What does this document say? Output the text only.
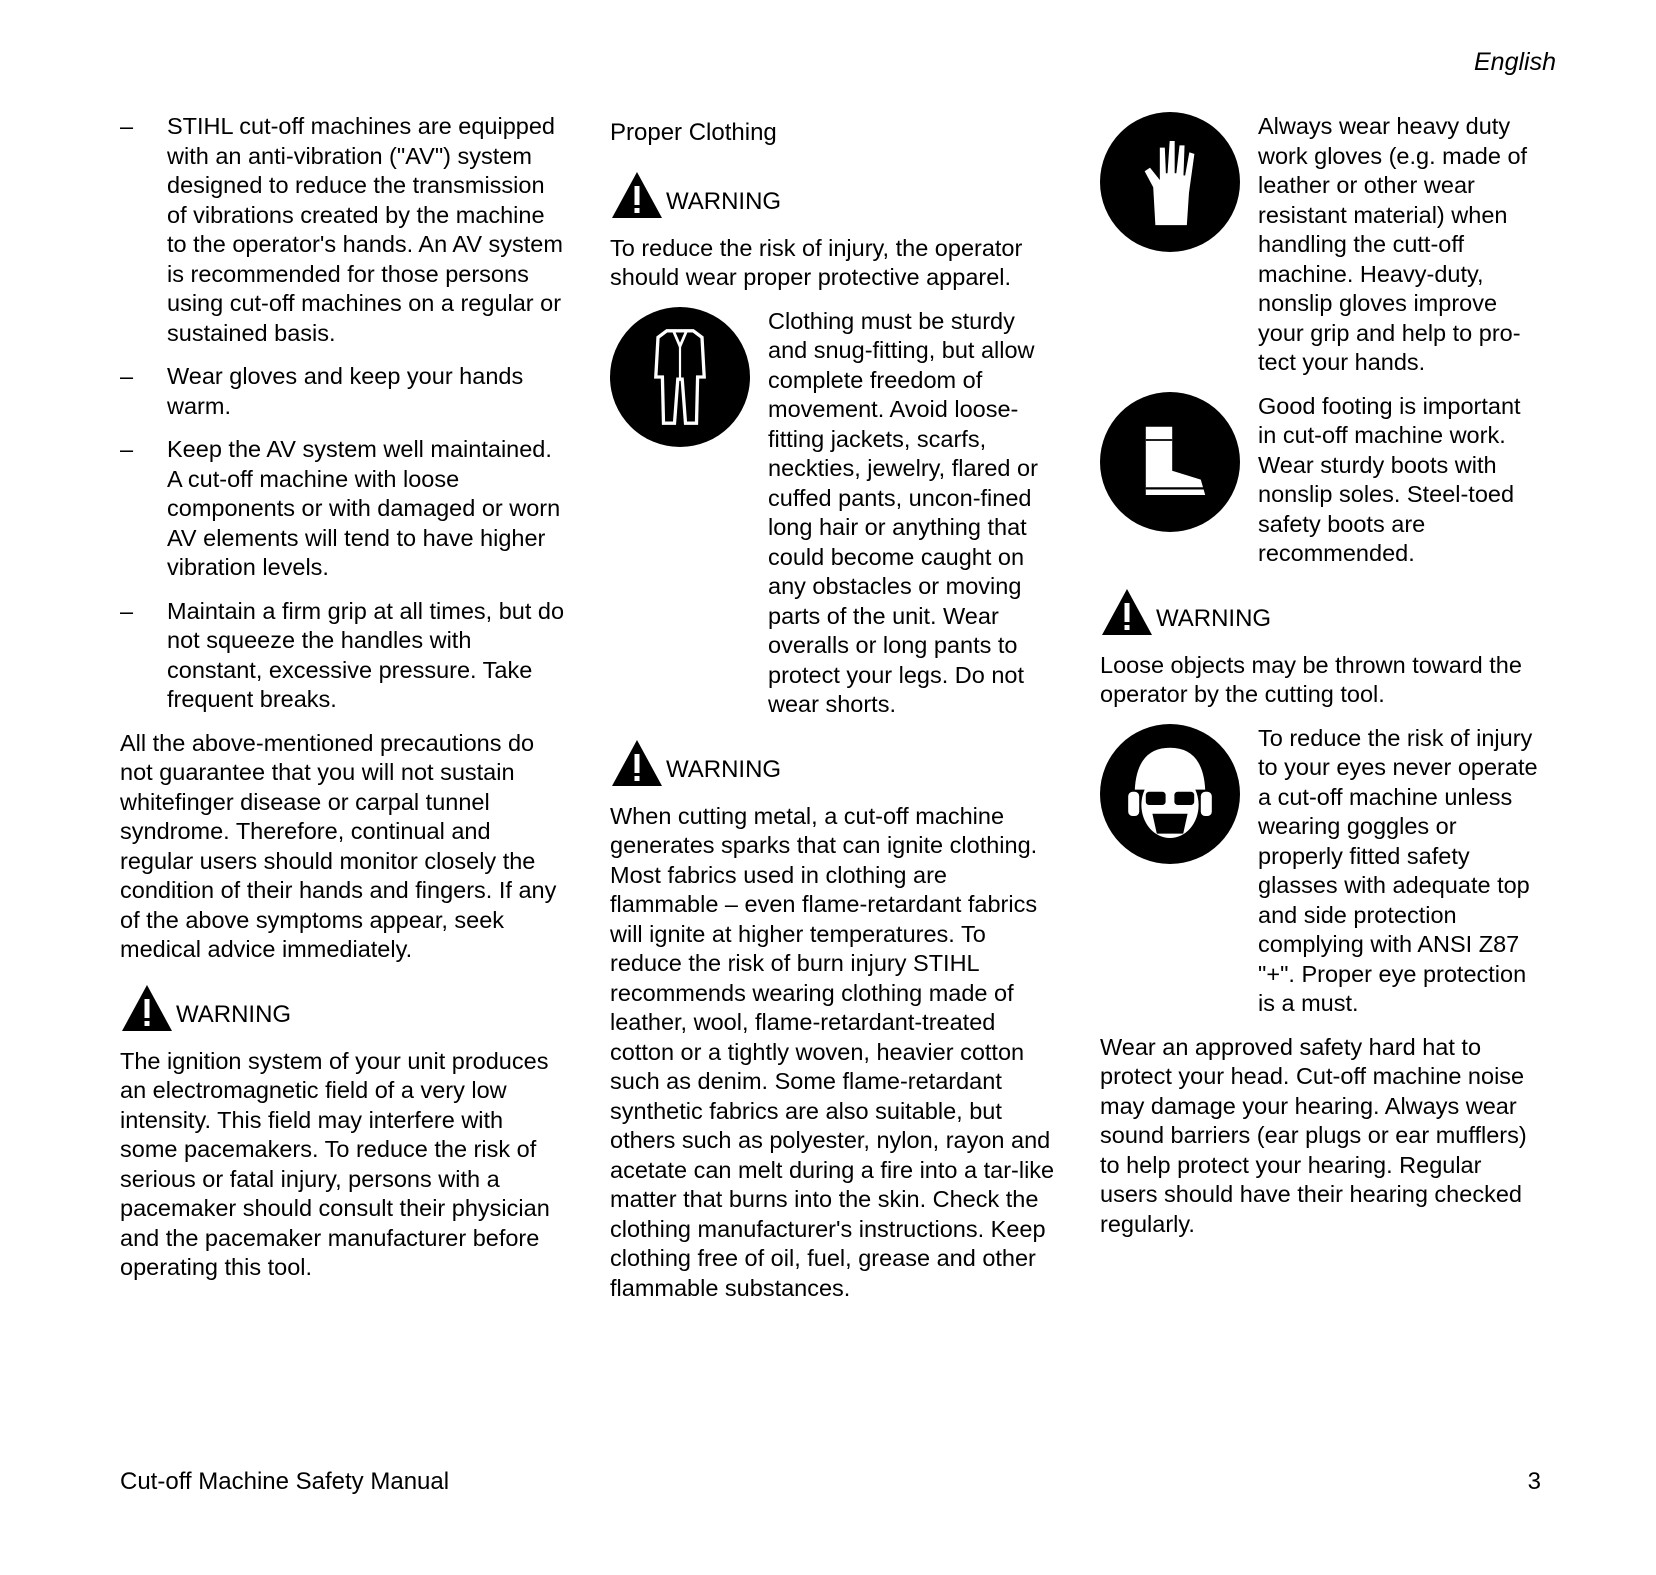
English
–	STIHL cut-off machines are equipped with an anti-vibration ("AV") system designed to reduce the transmission of vibrations created by the machine to the operator's hands. An AV system is recommended for those persons using cut-off machines on a regular or sustained basis.
–	Wear gloves and keep your hands warm.
–	Keep the AV system well maintained. A cut-off machine with loose components or with damaged or worn AV elements will tend to have higher vibration levels.
–	Maintain a firm grip at all times, but do not squeeze the handles with constant, excessive pressure. Take frequent breaks.

All the above-mentioned precautions do not guarantee that you will not sustain whitefinger disease or carpal tunnel syndrome. Therefore, continual and regular users should monitor closely the condition of their hands and fingers. If any of the above symptoms appear, seek medical advice immediately.

WARNING

The ignition system of your unit produces an electromagnetic field of a very low intensity. This field may interfere with some pacemakers. To reduce the risk of serious or fatal injury, persons with a pacemaker should consult their physician and the pacemaker manufacturer before operating this tool.

Proper Clothing
WARNING

To reduce the risk of injury, the operator should wear proper protective apparel.

Clothing must be sturdy and snug-fitting, but allow complete freedom of movement. Avoid loose-fitting jackets, scarfs, neckties, jewelry, flared or cuffed pants, uncon-fined long hair or anything that could become caught on any obstacles or moving parts of the unit. Wear overalls or long pants to protect your legs. Do not wear shorts.
WARNING

When cutting metal, a cut-off machine generates sparks that can ignite clothing. Most fabrics used in clothing are flammable – even flame-retardant fabrics will ignite at higher temperatures. To reduce the risk of burn injury STIHL recommends wearing clothing made of leather, wool, flame-retardant-treated cotton or a tightly woven, heavier cotton such as denim. Some flame-retardant synthetic fabrics are also suitable, but others such as polyester, nylon, rayon and acetate can melt during a fire into a tar-like matter that burns into the skin. Check the clothing manufacturer's instructions. Keep clothing free of oil, fuel, grease and other flammable substances.

Always wear heavy duty work gloves (e.g. made of leather or other wear resistant material) when handling the cutt-off machine. Heavy-duty, nonslip gloves improve your grip and help to pro-tect your hands.
Good footing is important in cut-off machine work. Wear sturdy boots with nonslip soles. Steel-toed safety boots are recommended.
WARNING

Loose objects may be thrown toward the operator by the cutting tool.

To reduce the risk of injury to your eyes never operate a cut-off machine unless wearing goggles or properly fitted safety glasses with adequate top and side protection complying with ANSI Z87 "+". Proper eye protection is a must.

Wear an approved safety hard hat to protect your head. Cut-off machine noise may damage your hearing. Always wear sound barriers (ear plugs or ear mufflers) to help protect your hearing. Regular users should have their hearing checked regularly.

Cut-off Machine Safety Manual	3
